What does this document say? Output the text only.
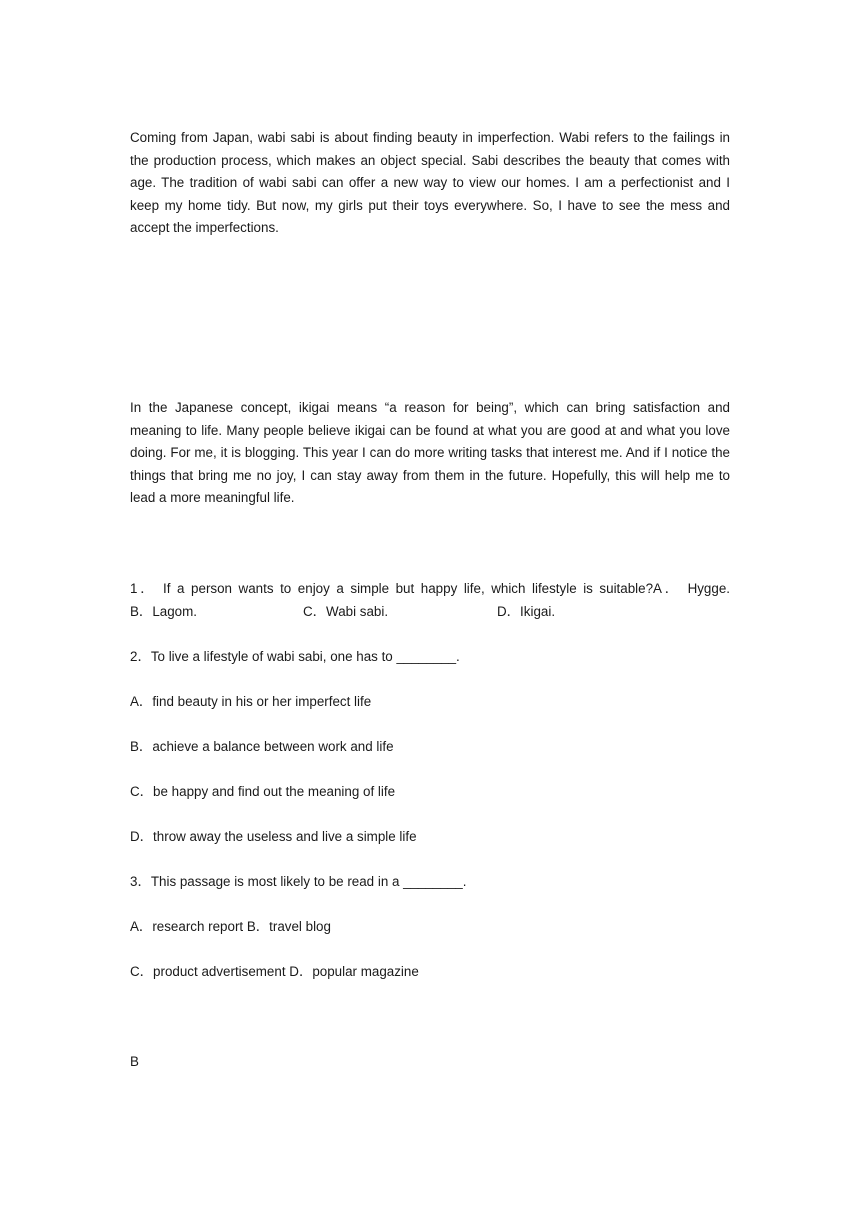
Coming from Japan, wabi sabi is about finding beauty in imperfection. Wabi refers to the failings in the production process, which makes an object special. Sabi describes the beauty that comes with age. The tradition of wabi sabi can offer a new way to view our homes. I am a perfectionist and I keep my home tidy. But now, my girls put their toys everywhere. So, I have to see the mess and accept the imperfections.
In the Japanese concept, ikigai means “a reason for being”, which can bring satisfaction and meaning to life. Many people believe ikigai can be found at what you are good at and what you love doing. For me, it is blogging. This year I can do more writing tasks that interest me. And if I notice the things that bring me no joy, I can stay away from them in the future. Hopefully, this will help me to lead a more meaningful life.
1． If a person wants to enjoy a simple but happy life, which lifestyle is suitable?A． Hygge.
B．Lagom.	C．Wabi sabi.	D．Ikigai.
2．To live a lifestyle of wabi sabi, one has to ________.
A．find beauty in his or her imperfect life
B．achieve a balance between work and life
C．be happy and find out the meaning of life
D．throw away the useless and live a simple life
3．This passage is most likely to be read in a ________.
A．research report B．travel blog
C．product advertisement D．popular magazine
B
